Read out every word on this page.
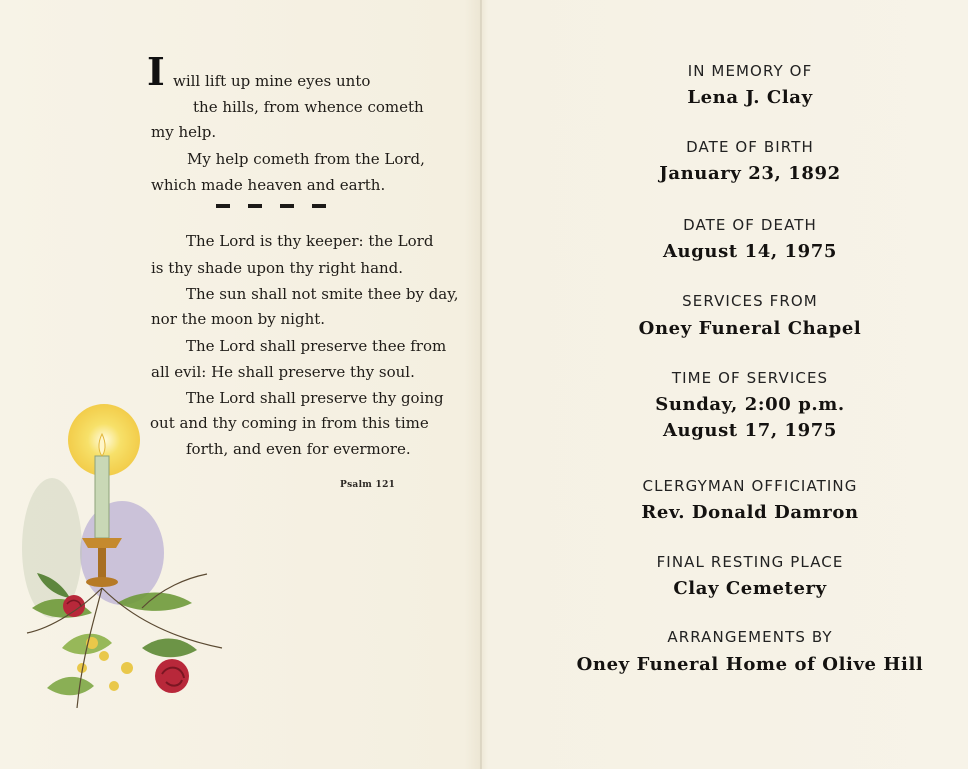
I will lift up mine eyes unto
the hills, from whence cometh
my help.
My help cometh from the Lord,
which made heaven and earth.
The Lord is thy keeper: the Lord
is thy shade upon thy right hand.
The sun shall not smite thee by day,
nor the moon by night.
The Lord shall preserve thee from
all evil: He shall preserve thy soul.
The Lord shall preserve thy going
out and thy coming in from this time
forth, and even for evermore.
Psalm 121
IN MEMORY OF
Lena J. Clay
DATE OF BIRTH
January 23, 1892
DATE OF DEATH
August 14, 1975
SERVICES FROM
Oney Funeral Chapel
TIME OF SERVICES
Sunday, 2:00 p.m.
August 17, 1975
CLERGYMAN OFFICIATING
Rev. Donald Damron
FINAL RESTING PLACE
Clay Cemetery
ARRANGEMENTS BY
Oney Funeral Home of Olive Hill
